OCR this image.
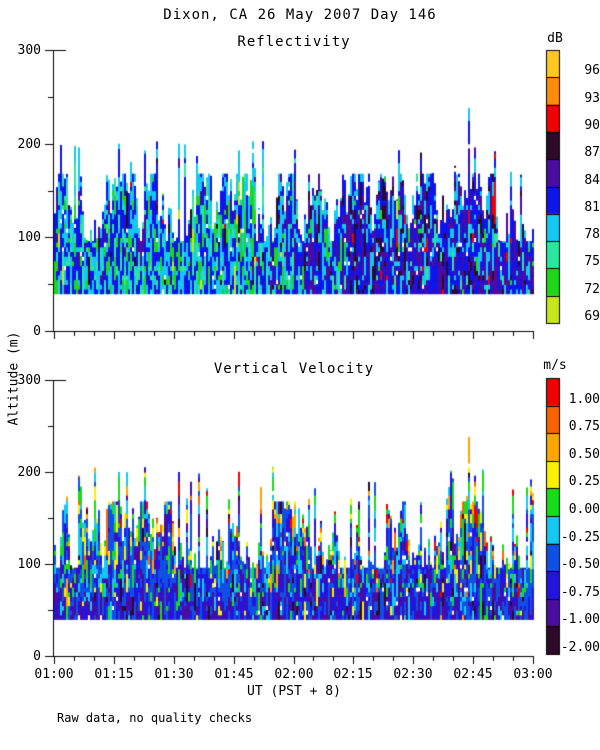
Dixon, CA 26 May 2007 Day 146
Reflectivity
Vertical Velocity
dB
m/s
Altitude (m)
UT (PST + 8)
Raw data, no quality checks
0
100
200
300
96
93
90
87
84
81
78
75
72
69
0
100
200
300
01:00	01:15	01:30	01:45	02:00	02:15	02:30	02:45	03:00
1.00
0.75
0.50
0.25
0.00
-0.25
-0.50
-0.75
-1.00
-2.00
